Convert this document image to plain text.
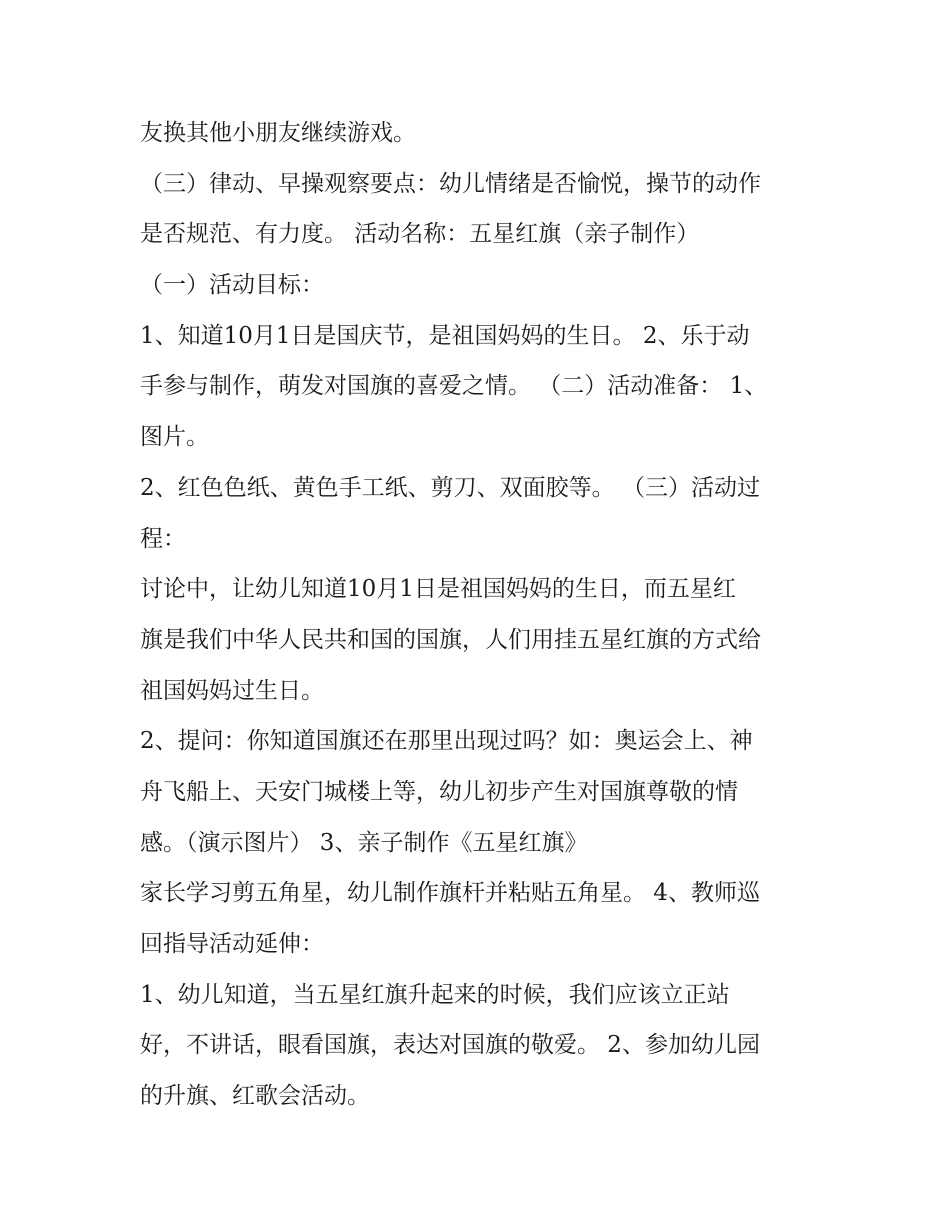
友换其他小朋友继续游戏。

（三）律动、早操观察要点：幼儿情绪是否愉悦，操节的动作

是否规范、有力度。 活动名称：五星红旗（亲子制作）

（一）活动目标：

1、知道10月1日是国庆节，是祖国妈妈的生日。 2、乐于动

手参与制作，萌发对国旗的喜爱之情。 （二）活动准备： 1、

图片。

2、红色色纸、黄色手工纸、剪刀、双面胶等。 （三）活动过

程：

讨论中，让幼儿知道10月1日是祖国妈妈的生日，而五星红

旗是我们中华人民共和国的国旗，人们用挂五星红旗的方式给

祖国妈妈过生日。

2、提问：你知道国旗还在那里出现过吗？如：奥运会上、神

舟飞船上、天安门城楼上等，幼儿初步产生对国旗尊敬的情

感。（演示图片） 3、亲子制作《五星红旗》

家长学习剪五角星，幼儿制作旗杆并粘贴五角星。 4、教师巡

回指导活动延伸：

1、幼儿知道，当五星红旗升起来的时候，我们应该立正站

好，不讲话，眼看国旗，表达对国旗的敬爱。 2、参加幼儿园

的升旗、红歌会活动。
